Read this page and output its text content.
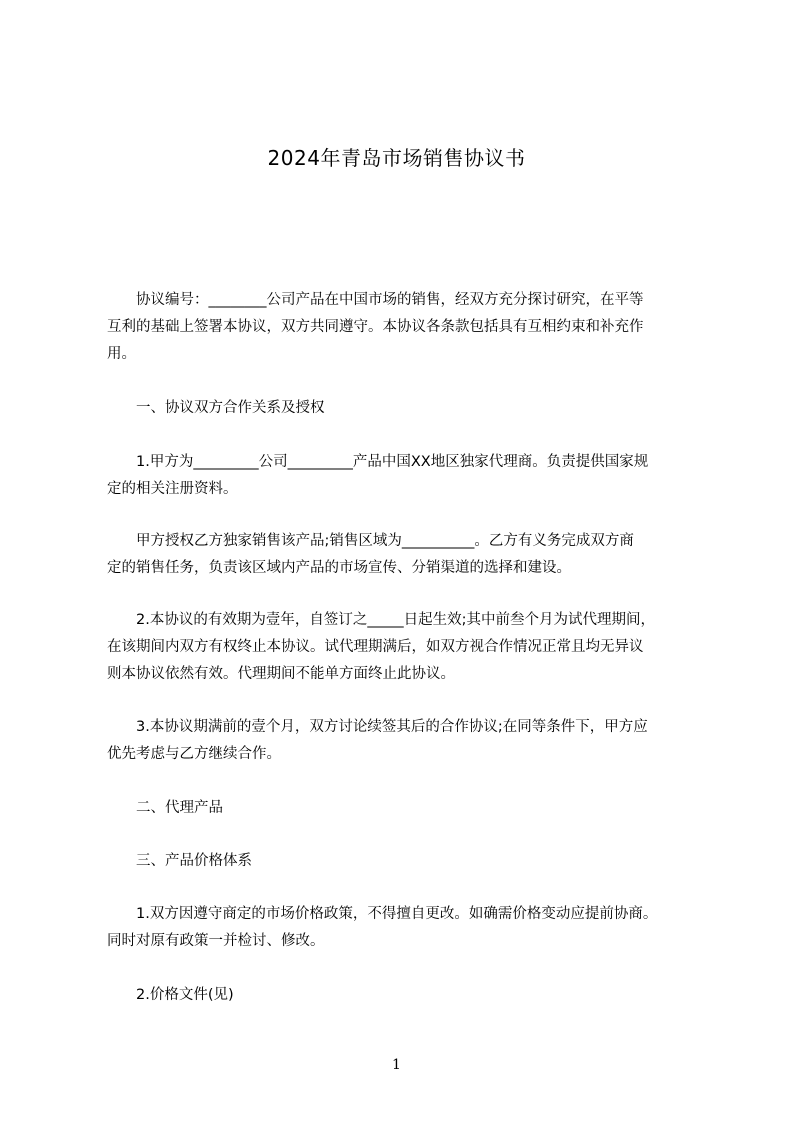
2024年青岛市场销售协议书
　　协议编号：________公司产品在中国市场的销售，经双方充分探讨研究，在平等
互利的基础上签署本协议，双方共同遵守。本协议各条款包括具有互相约束和补充作
用。
　　一、协议双方合作关系及授权
　　1.甲方为_________公司_________产品中国XX地区独家代理商。负责提供国家规
定的相关注册资料。
　　甲方授权乙方独家销售该产品;销售区域为__________。乙方有义务完成双方商
定的销售任务，负责该区域内产品的市场宣传、分销渠道的选择和建设。
　　2.本协议的有效期为壹年，自签订之_____日起生效;其中前叁个月为试代理期间，
在该期间内双方有权终止本协议。试代理期满后，如双方视合作情况正常且均无异议
则本协议依然有效。代理期间不能单方面终止此协议。
　　3.本协议期满前的壹个月，双方讨论续签其后的合作协议;在同等条件下，甲方应
优先考虑与乙方继续合作。
　　二、代理产品
　　三、产品价格体系
　　1.双方因遵守商定的市场价格政策，不得擅自更改。如确需价格变动应提前协商。
同时对原有政策一并检讨、修改。
　　2.价格文件(见)
1
